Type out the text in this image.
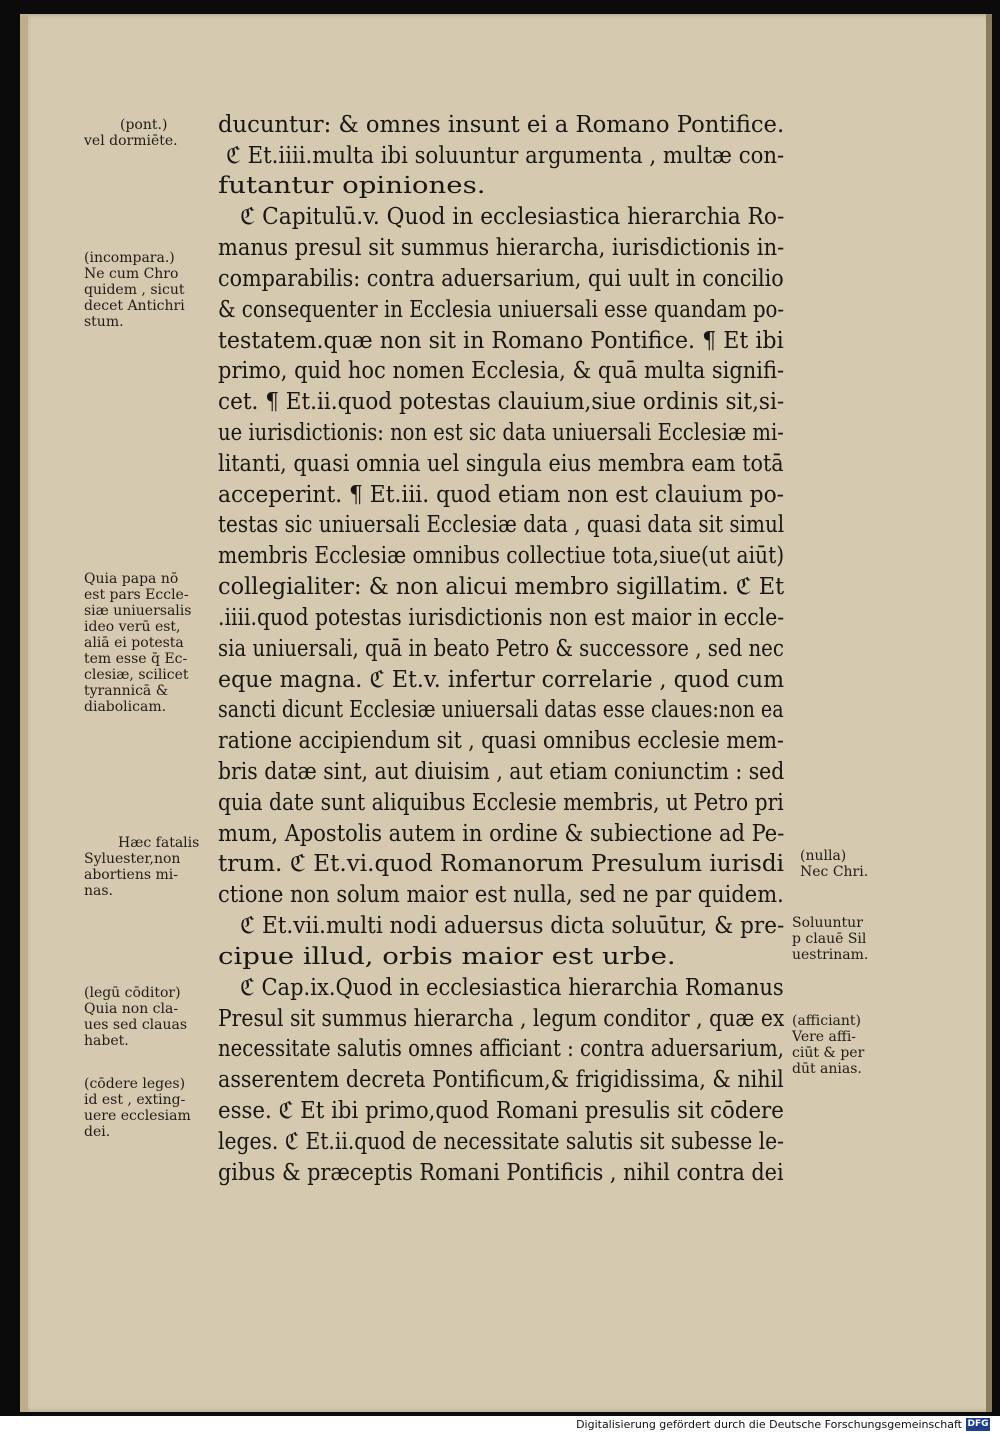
ducuntur: & omnes insunt ei a Romano Pontifice.
ℭ Et.iiii.multa ibi soluuntur argumenta , multæ con-
futantur opiniones.
ℭ Capitulū.v. Quod in ecclesiastica hierarchia Ro-
manus presul sit summus hierarcha, iurisdictionis in-
comparabilis: contra aduersarium, qui uult in concilio
& consequenter in Ecclesia uniuersali esse quandam po-
testatem.quæ non sit in Romano Pontifice. ¶ Et ibi
primo, quid hoc nomen Ecclesia, & quā multa signifi-
cet. ¶ Et.ii.quod potestas clauium,siue ordinis sit,si-
ue iurisdictionis: non est sic data uniuersali Ecclesiæ mi-
litanti, quasi omnia uel singula eius membra eam totā
acceperint. ¶ Et.iii. quod etiam non est clauium po-
testas sic uniuersali Ecclesiæ data , quasi data sit simul
membris Ecclesiæ omnibus collectiue tota,siue(ut aiūt)
collegialiter: & non alicui membro sigillatim. ℭ Et
.iiii.quod potestas iurisdictionis non est maior in eccle-
sia uniuersali, quā in beato Petro & successore , sed nec
eque magna. ℭ Et.v. infertur correlarie , quod cum
sancti dicunt Ecclesiæ uniuersali datas esse claues:non ea
ratione accipiendum sit , quasi omnibus ecclesie mem-
bris datæ sint, aut diuisim , aut etiam coniunctim : sed
quia date sunt aliquibus Ecclesie membris, ut Petro pri
mum, Apostolis autem in ordine & subiectione ad Pe-
trum. ℭ Et.vi.quod Romanorum Presulum iurisdi
ctione non solum maior est nulla, sed ne par quidem.
ℭ Et.vii.multi nodi aduersus dicta soluūtur, & pre-
cipue illud, orbis maior est urbe.
ℭ Cap.ix.Quod in ecclesiastica hierarchia Romanus
Presul sit summus hierarcha , legum conditor , quæ ex
necessitate salutis omnes afficiant : contra aduersarium,
asserentem decreta Pontificum,& frigidissima, & nihil
esse. ℭ Et ibi primo,quod Romani presulis sit cōdere
leges. ℭ Et.ii.quod de necessitate salutis sit subesse le-
gibus & præceptis Romani Pontificis , nihil contra dei
(pont.)
vel dormiēte.
(incompara.)
Ne cum Chro
quidem , sicut
decet Antichri
stum.
Quia papa nō
est pars Eccle-
siæ uniuersalis
ideo verū est,
aliā ei potesta
tem esse q̄ Ec-
clesiæ, scilicet
tyrannicā &
diabolicam.
Hæc fatalis
Syluester,non
abortiens mi-
nas.
(legū cōditor)
Quia non cla-
ues sed clauas
habet.
(cōdere leges)
id est , exting-
uere ecclesiam
dei.
(nulla)
Nec Chri.
Soluuntur
p clauē Sil
uestrinam.
(afficiant)
Vere affi-
ciūt & per
dūt anias.
Digitalisierung gefördert durch die Deutsche Forschungsgemeinschaft DFG
